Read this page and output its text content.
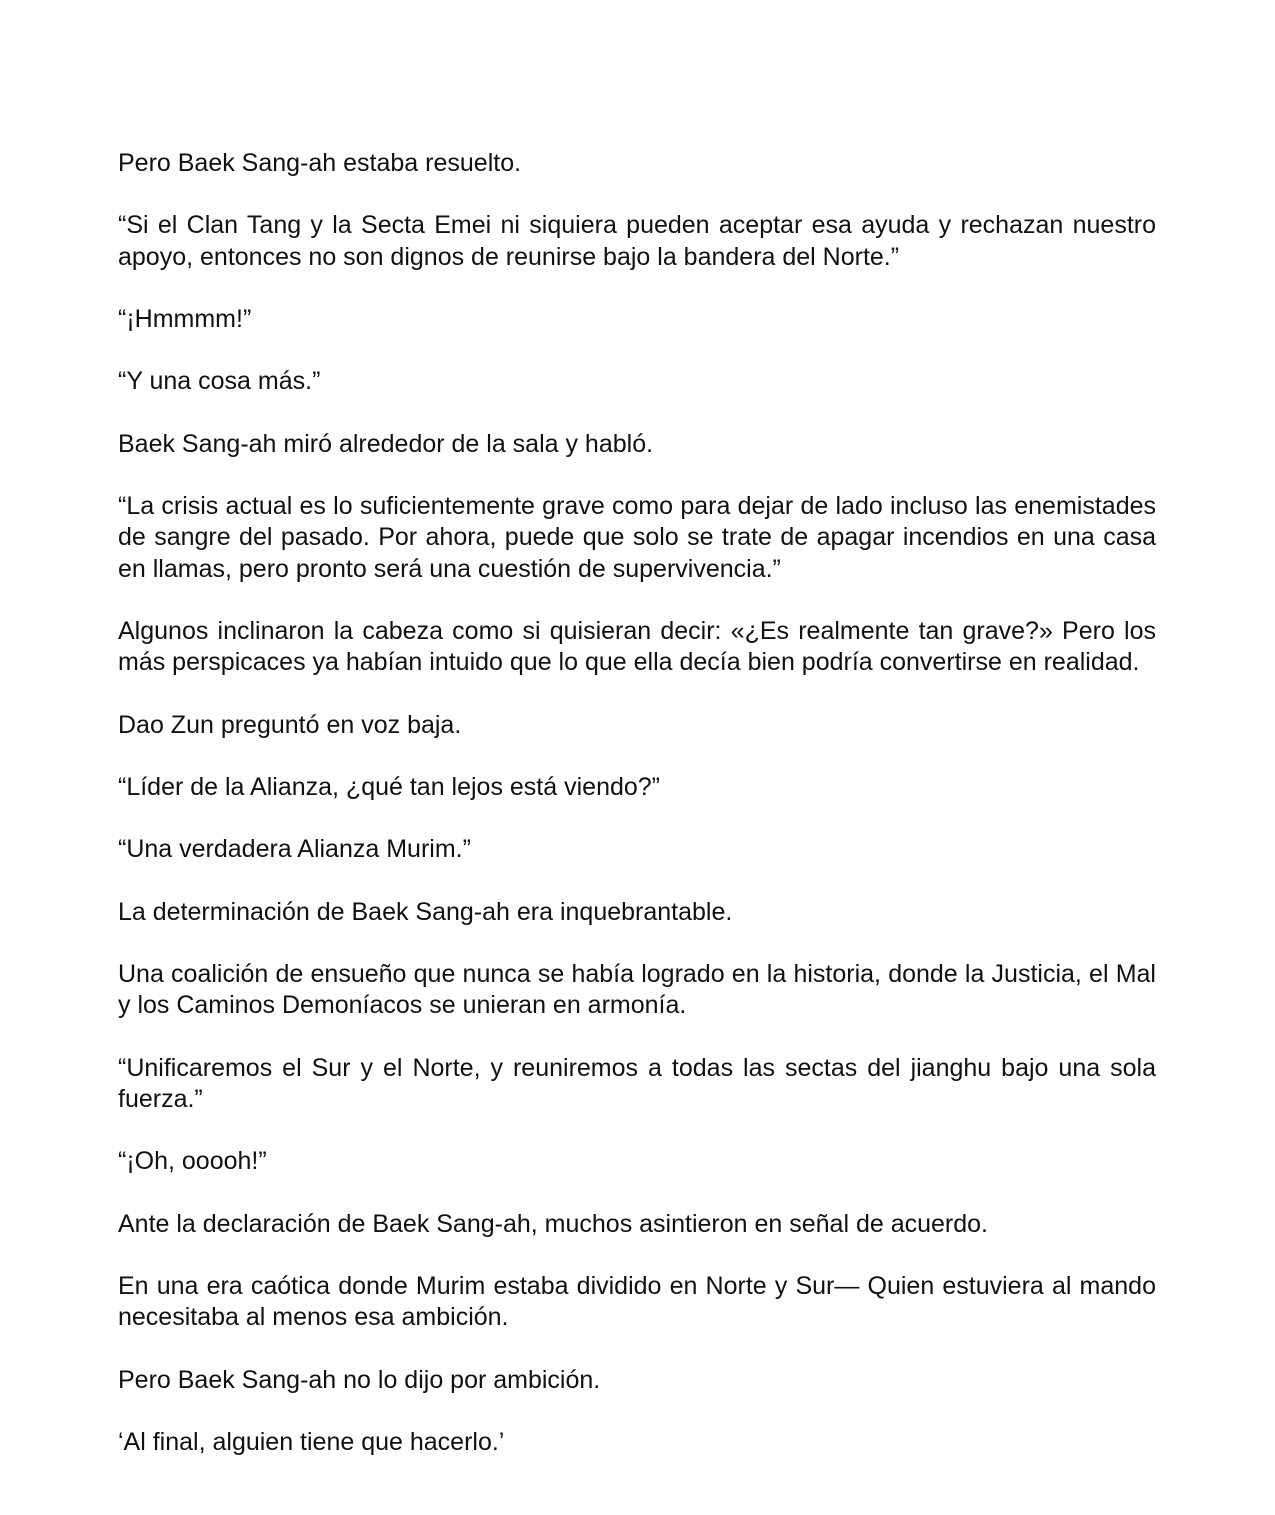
Pero Baek Sang-ah estaba resuelto.

“Si el Clan Tang y la Secta Emei ni siquiera pueden aceptar esa ayuda y rechazan nuestro apoyo, entonces no son dignos de reunirse bajo la bandera del Norte.”

“¡Hmmmm!”

“Y una cosa más.”

Baek Sang-ah miró alrededor de la sala y habló.

“La crisis actual es lo suficientemente grave como para dejar de lado incluso las enemistades de sangre del pasado. Por ahora, puede que solo se trate de apagar incendios en una casa en llamas, pero pronto será una cuestión de supervivencia.”

Algunos inclinaron la cabeza como si quisieran decir: «¿Es realmente tan grave?» Pero los más perspicaces ya habían intuido que lo que ella decía bien podría convertirse en realidad.

Dao Zun preguntó en voz baja.

“Líder de la Alianza, ¿qué tan lejos está viendo?”

“Una verdadera Alianza Murim.”

La determinación de Baek Sang-ah era inquebrantable.

Una coalición de ensueño que nunca se había logrado en la historia, donde la Justicia, el Mal y los Caminos Demoníacos se unieran en armonía.

“Unificaremos el Sur y el Norte, y reuniremos a todas las sectas del jianghu bajo una sola fuerza.”

“¡Oh, ooooh!”

Ante la declaración de Baek Sang-ah, muchos asintieron en señal de acuerdo.

En una era caótica donde Murim estaba dividido en Norte y Sur— Quien estuviera al mando necesitaba al menos esa ambición.

Pero Baek Sang-ah no lo dijo por ambición.

‘Al final, alguien tiene que hacerlo.’
